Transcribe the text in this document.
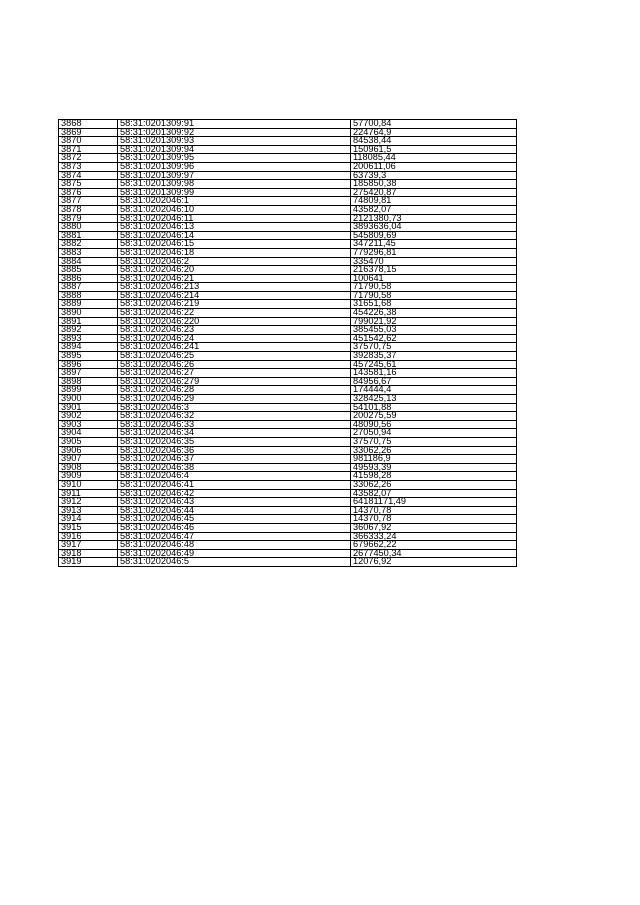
3868	58:31:0201309:91	57700,84
3869	58:31:0201309:92	224764,9
3870	58:31:0201309:93	84538,44
3871	58:31:0201309:94	150961,5
3872	58:31:0201309:95	118085,44
3873	58:31:0201309:96	200611,06
3874	58:31:0201309:97	63739,3
3875	58:31:0201309:98	185850,38
3876	58:31:0201309:99	275420,87
3877	58:31:0202046:1	74809,81
3878	58:31:0202046:10	43582,07
3879	58:31:0202046:11	2121380,73
3880	58:31:0202046:13	3893636,04
3881	58:31:0202046:14	545809,69
3882	58:31:0202046:15	347211,45
3883	58:31:0202046:18	779296,81
3884	58:31:0202046:2	335470
3885	58:31:0202046:20	216378,15
3886	58:31:0202046:21	100641
3887	58:31:0202046:213	71790,58
3888	58:31:0202046:214	71790,58
3889	58:31:0202046:219	31651,68
3890	58:31:0202046:22	454226,38
3891	58:31:0202046:220	799021,92
3892	58:31:0202046:23	385455,03
3893	58:31:0202046:24	451542,62
3894	58:31:0202046:241	37570,75
3895	58:31:0202046:25	392835,37
3896	58:31:0202046:26	457245,61
3897	58:31:0202046:27	143581,16
3898	58:31:0202046:279	84956,67
3899	58:31:0202046:28	174444,4
3900	58:31:0202046:29	328425,13
3901	58:31:0202046:3	54101,88
3902	58:31:0202046:32	200275,59
3903	58:31:0202046:33	48090,56
3904	58:31:0202046:34	27050,94
3905	58:31:0202046:35	37570,75
3906	58:31:0202046:36	33062,26
3907	58:31:0202046:37	981186,9
3908	58:31:0202046:38	49593,39
3909	58:31:0202046:4	41598,28
3910	58:31:0202046:41	33062,26
3911	58:31:0202046:42	43582,07
3912	58:31:0202046:43	64181171,49
3913	58:31:0202046:44	14370,78
3914	58:31:0202046:45	14370,78
3915	58:31:0202046:46	36067,92
3916	58:31:0202046:47	366333,24
3917	58:31:0202046:48	679662,22
3918	58:31:0202046:49	2677450,34
3919	58:31:0202046:5	12076,92
